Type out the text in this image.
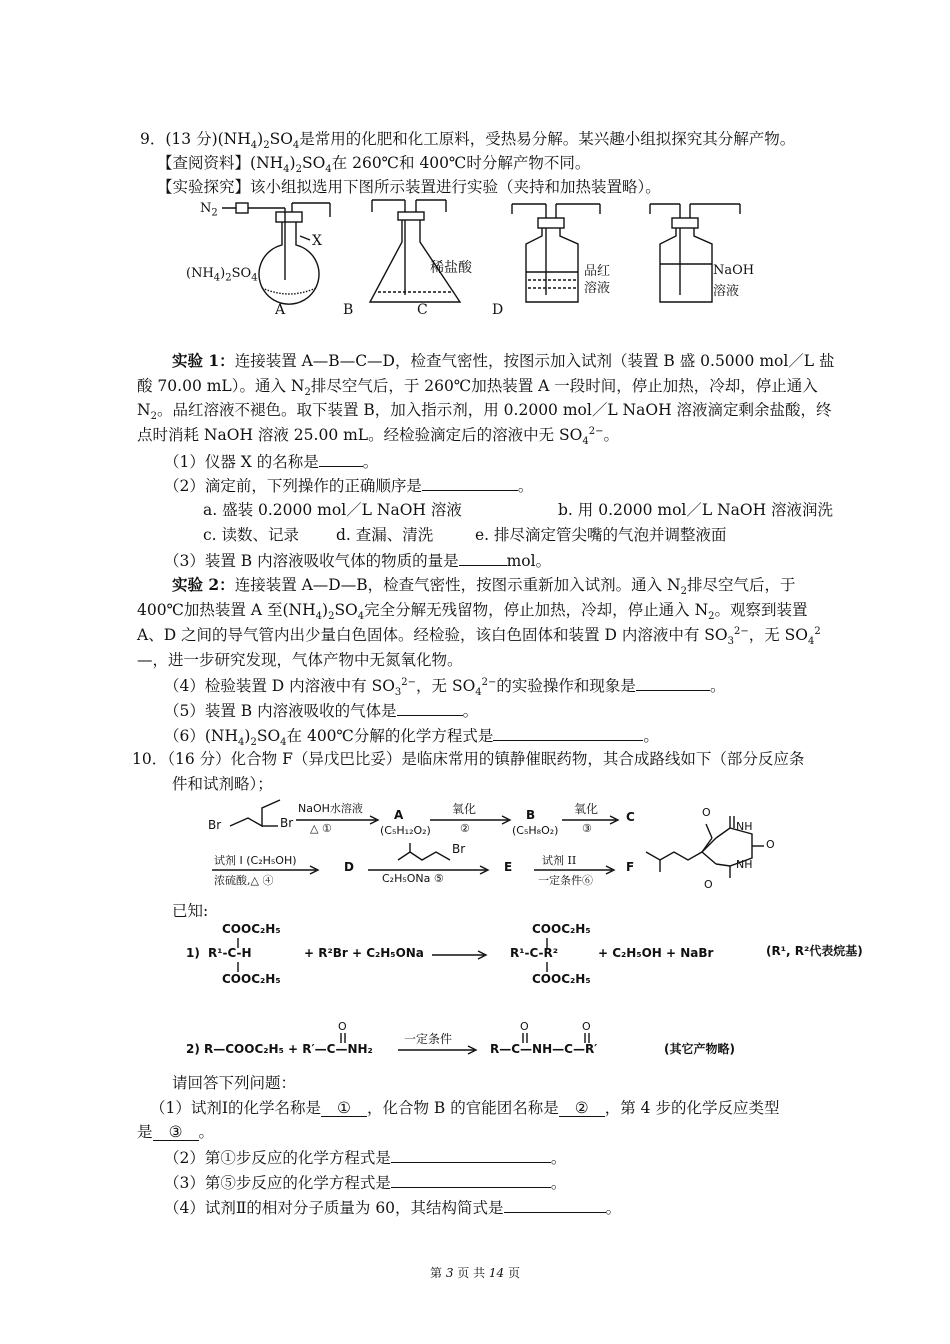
9．(13 分)$(NH_4)_2SO_4$是常用的化肥和化工原料，受热易分解。某兴趣小组拟探究其分解产物。
【查阅资料】$(NH_4)_2SO_4$在 260℃和 400℃时分解产物不同。
【实验探究】该小组拟选用下图所示装置进行实验（夹持和加热装置略）。
$N_2$
X
$(NH_4)_2SO_4$
稀盐酸	品红
溶液
NaOH
溶液
A	B	C	D
实验 1：连接装置 A—B—C—D，检查气密性，按图示加入试剂（装置 B 盛 0.5000 mol／L 盐
酸 70.00 mL）。通入 $N_2$排尽空气后，于 260℃加热装置 A 一段时间，停止加热，冷却，停止通入
$N_2$。品红溶液不褪色。取下装置 B，加入指示剂，用 0.2000 mol／L NaOH 溶液滴定剩余盐酸，终
点时消耗 NaOH 溶液 25.00 mL。经检验滴定后的溶液中无 $SO_4^{2-}$。
（1）仪器 X 的名称是	。
（2）滴定前，下列操作的正确顺序是	。
a. 盛装 0.2000 mol／L NaOH 溶液	b. 用 0.2000 mol／L NaOH 溶液润洗
c. 读数、记录 d. 查漏、清洗	e. 排尽滴定管尖嘴的气泡并调整液面
（3）装置 B 内溶液吸收气体的物质的量是	mol。
实验 2：连接装置 A—D—B，检查气密性，按图示重新加入试剂。通入 $N_2$排尽空气后，于
400℃加热装置 A 至$(NH_4)_2SO_4$完全分解无残留物，停止加热，冷却，停止通入 $N_2$。观察到装置
A、D 之间的导气管内出少量白色固体。经检验，该白色固体和装置 D 内溶液中有 $SO_3^{2-}$，无 $SO_4^2$
—，进一步研究发现，气体产物中无氮氧化物。
（4）检验装置 D 内溶液中有 $SO_3^{2-}$，无 $SO_4^{2-}$的实验操作和现象是	。
（5）装置 B 内溶液吸收的气体是	。
$(6)(NH_4)_2SO_4$在 400℃分解的化学方程式是	。
10．（16 分）化合物 F（异戊巴比妥）是临床常用的镇静催眠药物，其合成路线如下（部分反应条
件和试剂略）；
Br	Br
NaOH水溶液
△ ①
A
(C₅H₁₂O₂)
氧化
②
B
(C₅H₈O₂)
氧化
③
C
试剂 I (C₂H₅OH)
浓硫酸,△ ④
D
Br
C₂H₅ONa ⑤
E	试剂 II
一定条件⑥
F
O
NH
O
NH
O
已知:
COOC₂H₅
1) R¹-C-H
COOC₂H₅
+ R²Br + C₂H₅ONa
COOC₂H₅
R¹-C-R²
COOC₂H₅
+ C₂H₅OH + NaBr	(R¹, R²代表烷基)
O
2) R—COOC₂H₅ + R′—C—NH₂
一定条件
O	O
R—C—NH—C—R′	(其它产物略)
请回答下列问题：
（1）试剂Ⅰ的化学名称是 ① ，化合物 B 的官能团名称是 ② ，第 4 步的化学反应类型
是 ③ 。
（2）第①步反应的化学方程式是	。
（3）第⑤步反应的化学方程式是	。
（4）试剂Ⅱ的相对分子质量为 60，其结构简式是	。
第 3 页 共 14 页
